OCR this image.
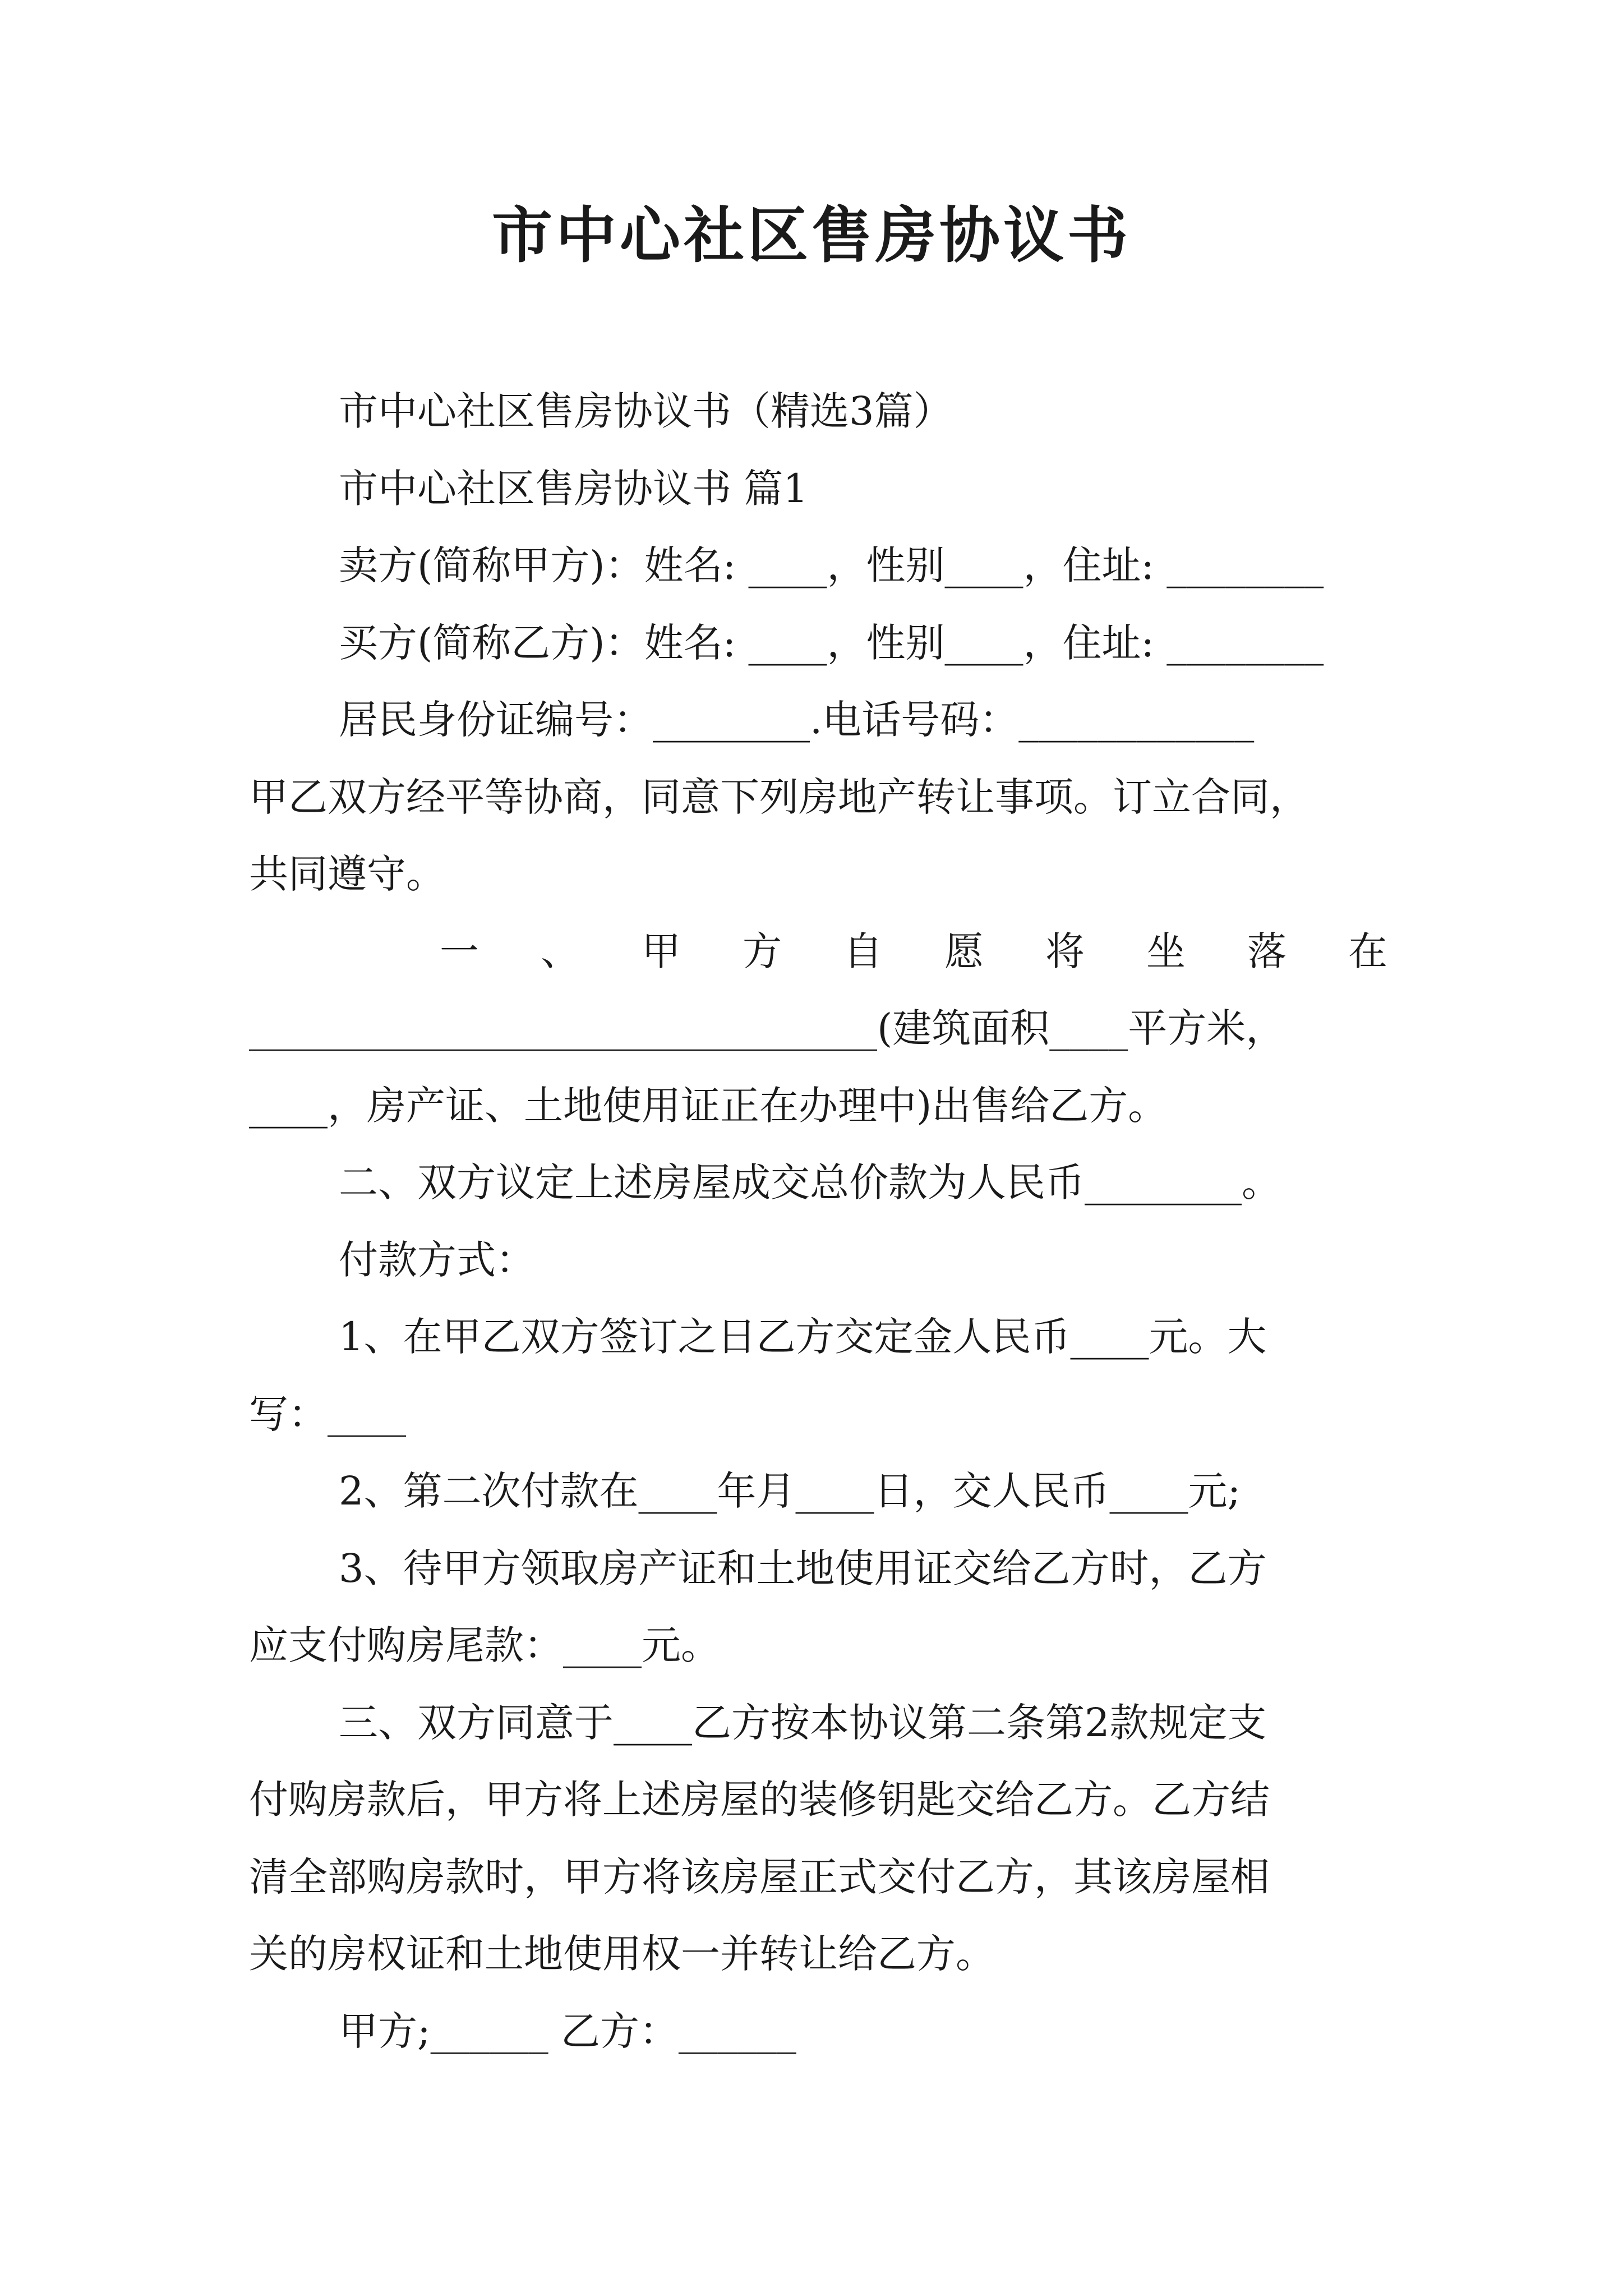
市中心社区售房协议书
市中心社区售房协议书（精选3篇）
市中心社区售房协议书 篇1
卖方(简称甲方)：姓名: ____，性别____，住址: ________
买方(简称乙方)：姓名: ____，性别____，住址: ________
居民身份证编号：________.电话号码：____________
甲乙双方经平等协商，同意下列房地产转让事项。订立合同，
共同遵守。
一 、 甲 方 自 愿 将 坐 落 在
________________________________(建筑面积____平方米，
____，房产证、土地使用证正在办理中)出售给乙方。
二、双方议定上述房屋成交总价款为人民币________。
付款方式：
1、在甲乙双方签订之日乙方交定金人民币____元。大
写：____
2、第二次付款在____年月____日，交人民币____元;
3、待甲方领取房产证和土地使用证交给乙方时，乙方
应支付购房尾款：____元。
三、双方同意于____乙方按本协议第二条第2款规定支
付购房款后，甲方将上述房屋的装修钥匙交给乙方。乙方结
清全部购房款时，甲方将该房屋正式交付乙方，其该房屋相
关的房权证和土地使用权一并转让给乙方。
甲方;______ 乙方：______
